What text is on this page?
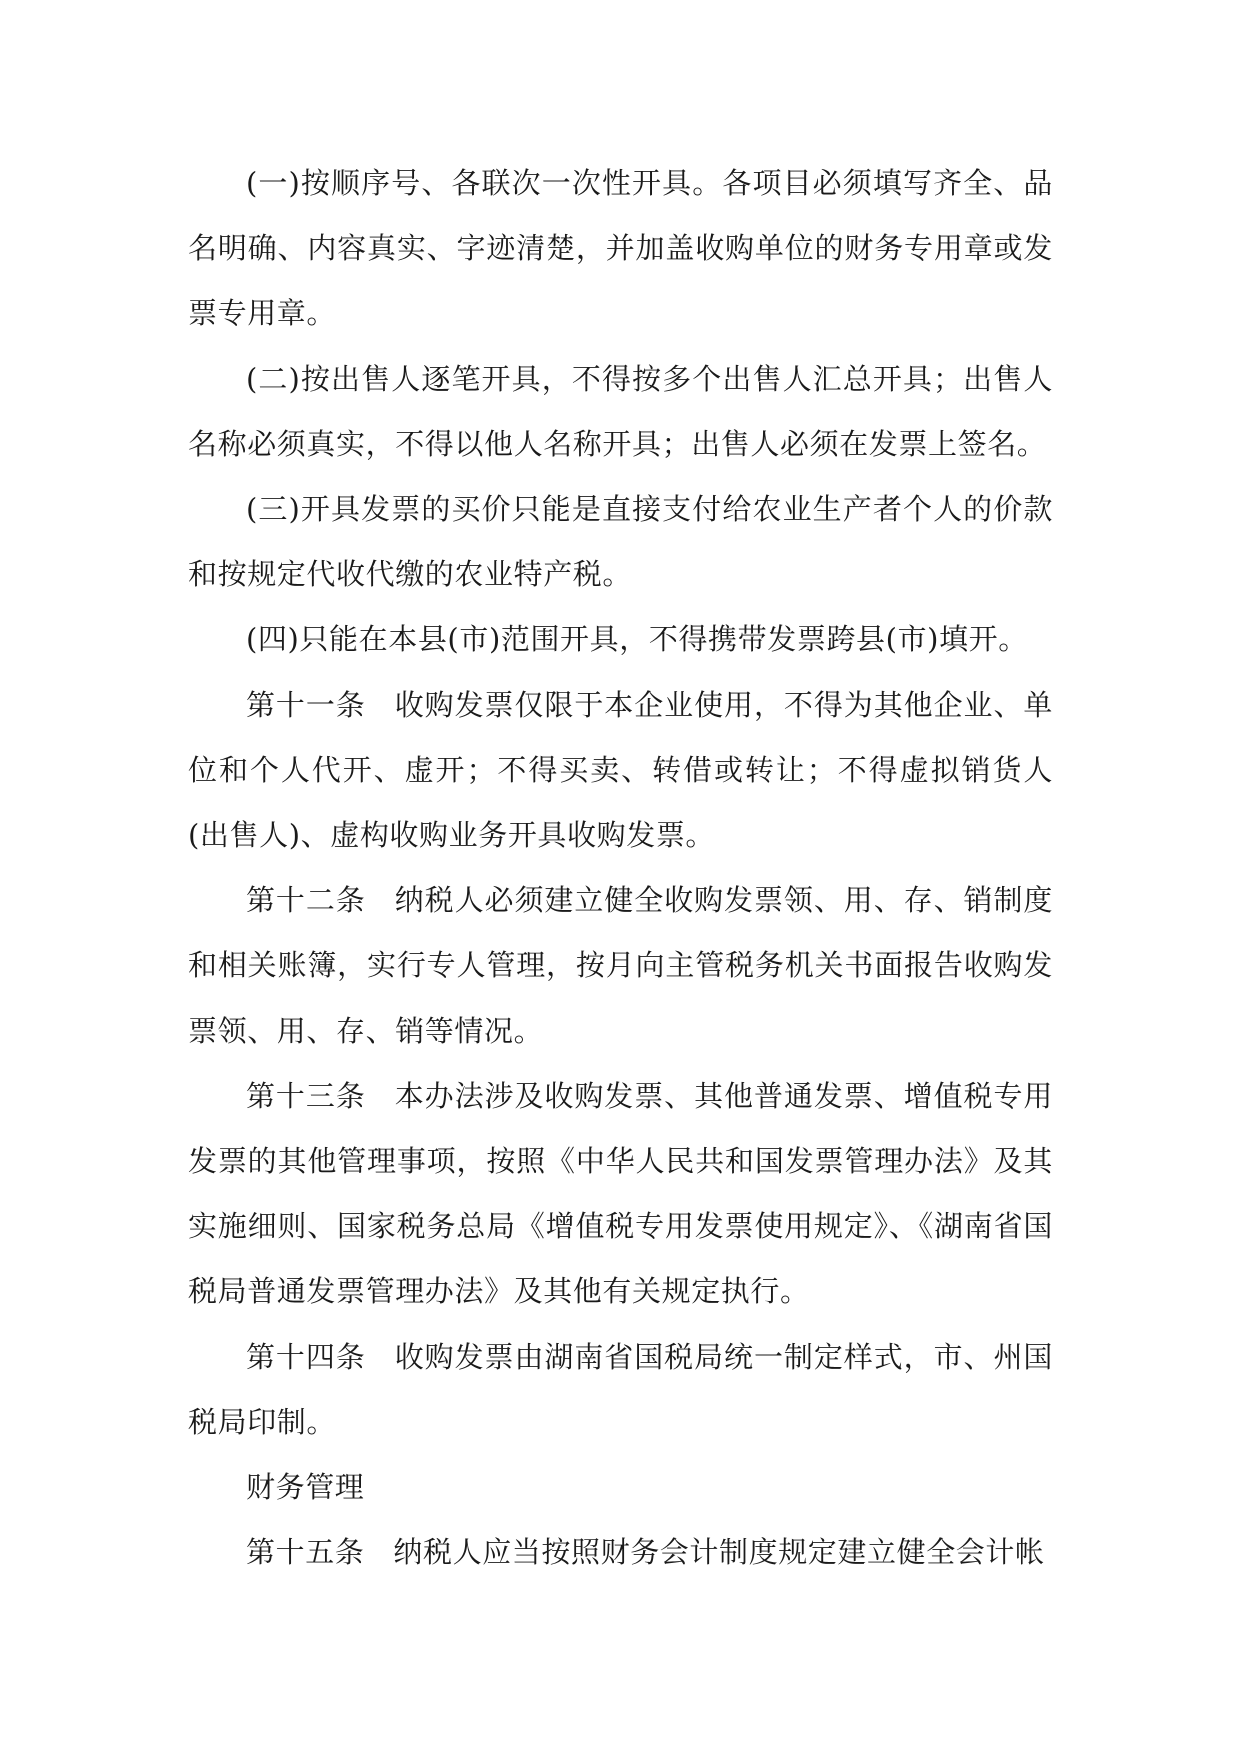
(一)按顺序号、各联次一次性开具。各项目必须填写齐全、品名明确、内容真实、字迹清楚，并加盖收购单位的财务专用章或发票专用章。

(二)按出售人逐笔开具，不得按多个出售人汇总开具；出售人名称必须真实，不得以他人名称开具；出售人必须在发票上签名。

(三)开具发票的买价只能是直接支付给农业生产者个人的价款和按规定代收代缴的农业特产税。

(四)只能在本县(市)范围开具，不得携带发票跨县(市)填开。

第十一条 收购发票仅限于本企业使用，不得为其他企业、单位和个人代开、虚开；不得买卖、转借或转让；不得虚拟销货人(出售人)、虚构收购业务开具收购发票。

第十二条 纳税人必须建立健全收购发票领、用、存、销制度和相关账簿，实行专人管理，按月向主管税务机关书面报告收购发票领、用、存、销等情况。

第十三条 本办法涉及收购发票、其他普通发票、增值税专用发票的其他管理事项，按照《中华人民共和国发票管理办法》及其实施细则、国家税务总局《增值税专用发票使用规定》、《湖南省国税局普通发票管理办法》及其他有关规定执行。

第十四条 收购发票由湖南省国税局统一制定样式，市、州国税局印制。

财务管理

第十五条 纳税人应当按照财务会计制度规定建立健全会计帐
